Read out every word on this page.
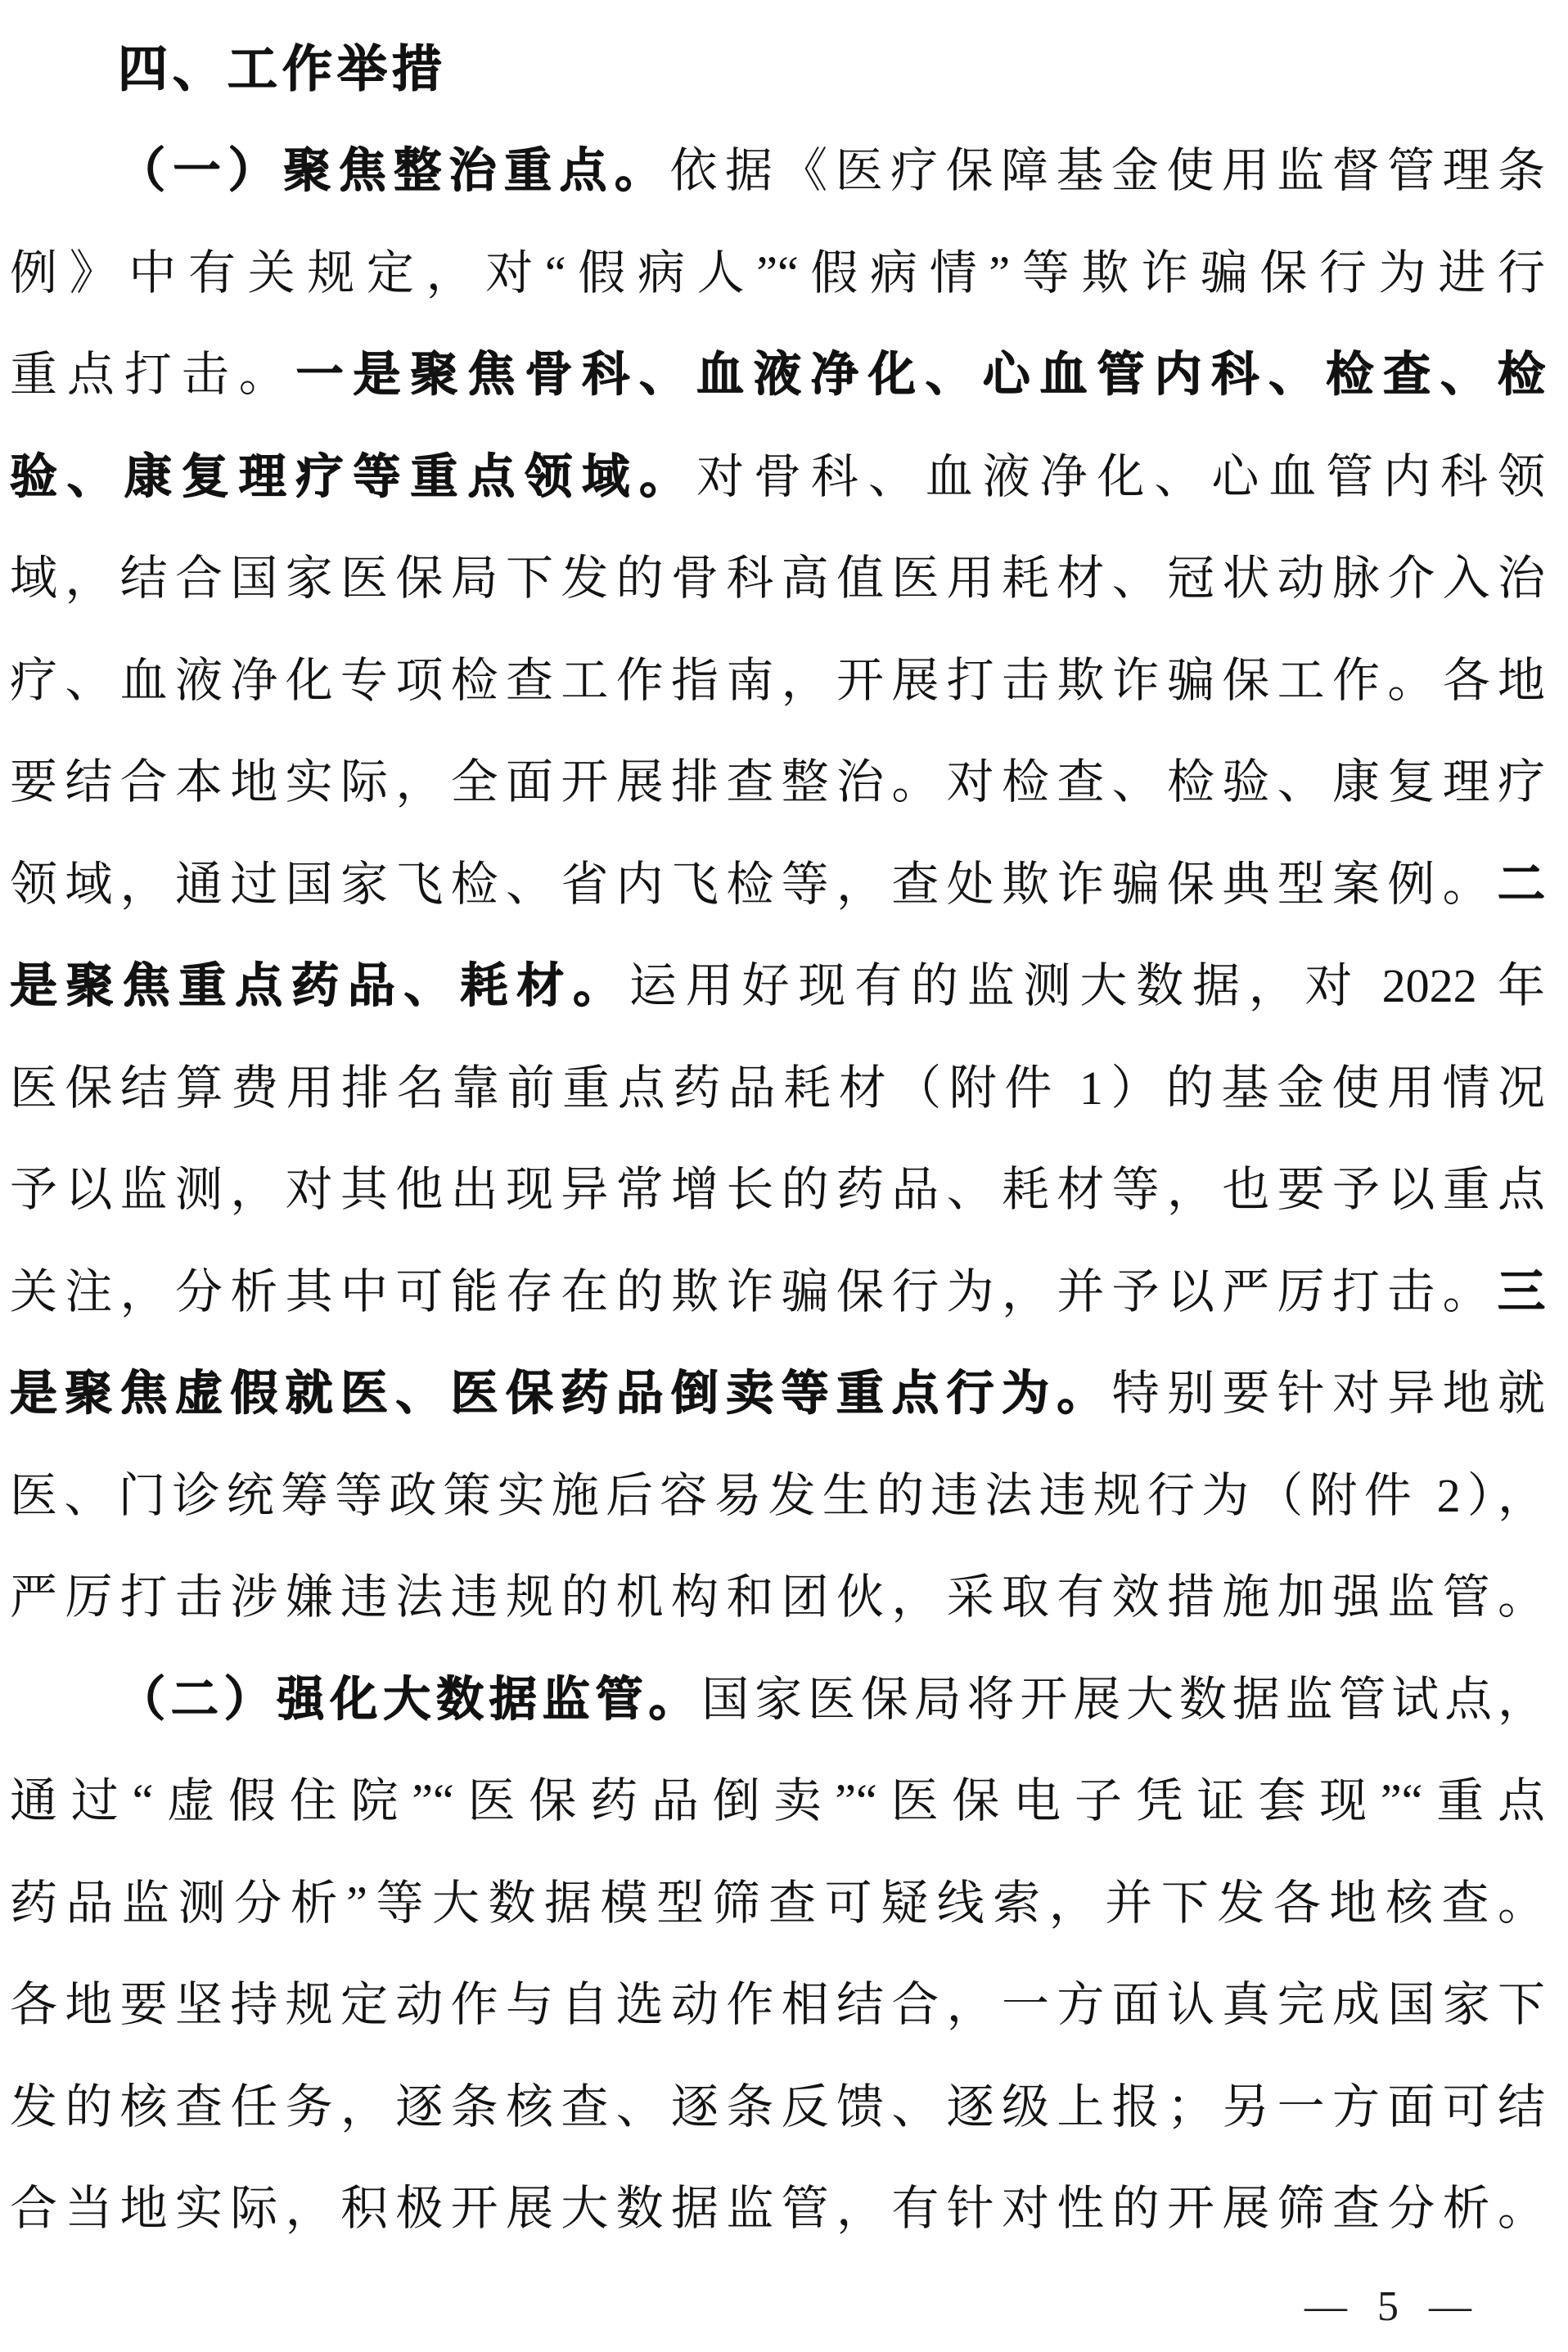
四、工作举措
（一）聚焦整治重点。依据《医疗保障基金使用监督管理条
例》中有关规定，对“假病人”“假病情”等欺诈骗保行为进行
重点打击。一是聚焦骨科、血液净化、心血管内科、检查、检
验、康复理疗等重点领域。对骨科、血液净化、心血管内科领
域，结合国家医保局下发的骨科高值医用耗材、冠状动脉介入治
疗、血液净化专项检查工作指南，开展打击欺诈骗保工作。各地
要结合本地实际，全面开展排查整治。对检查、检验、康复理疗
领域，通过国家飞检、省内飞检等，查处欺诈骗保典型案例。二
是聚焦重点药品、耗材。运用好现有的监测大数据，对 2022 年
医保结算费用排名靠前重点药品耗材（附件 1）的基金使用情况
予以监测，对其他出现异常增长的药品、耗材等，也要予以重点
关注，分析其中可能存在的欺诈骗保行为，并予以严厉打击。三
是聚焦虚假就医、医保药品倒卖等重点行为。特别要针对异地就
医、门诊统筹等政策实施后容易发生的违法违规行为（附件 2），
严厉打击涉嫌违法违规的机构和团伙，采取有效措施加强监管。
（二）强化大数据监管。国家医保局将开展大数据监管试点，
通过“虚假住院”“医保药品倒卖”“医保电子凭证套现”“重点
药品监测分析”等大数据模型筛查可疑线索，并下发各地核查。
各地要坚持规定动作与自选动作相结合，一方面认真完成国家下
发的核查任务，逐条核查、逐条反馈、逐级上报；另一方面可结
合当地实际，积极开展大数据监管，有针对性的开展筛查分析。
— 5 —
